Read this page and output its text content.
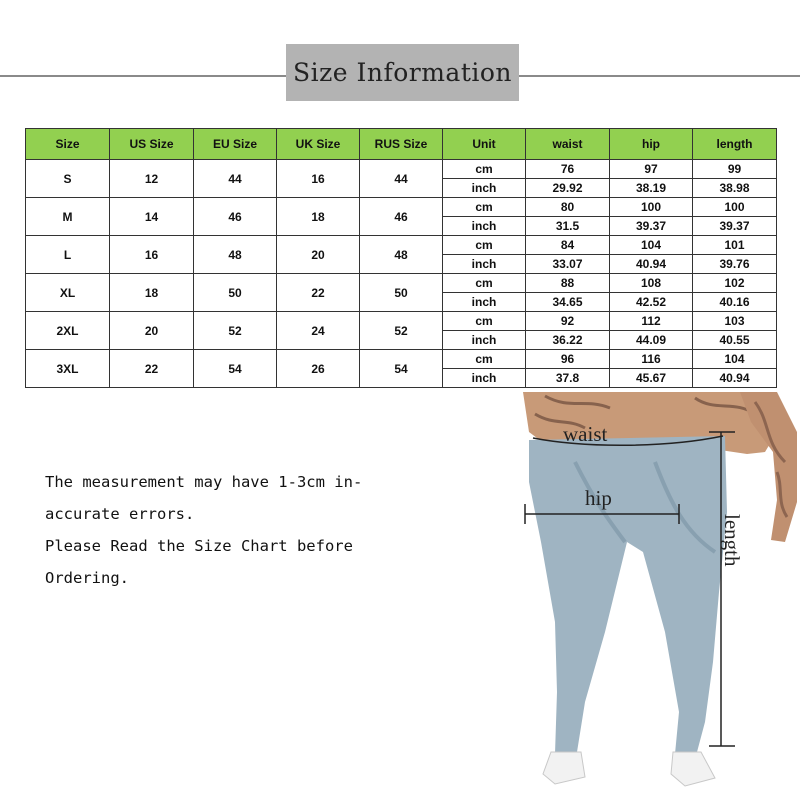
Size Information
Size	US Size	EU Size	UK Size	RUS Size	Unit	waist	hip	length
S	12	44	16	44	cm	76	97	99
					inch	29.92	38.19	38.98
M	14	46	18	46	cm	80	100	100
					inch	31.5	39.37	39.37
L	16	48	20	48	cm	84	104	101
					inch	33.07	40.94	39.76
XL	18	50	22	50	cm	88	108	102
					inch	34.65	42.52	40.16
2XL	20	52	24	52	cm	92	112	103
					inch	36.22	44.09	40.55
3XL	22	54	26	54	cm	96	116	104
					inch	37.8	45.67	40.94
The measurement may have 1-3cm in-
accurate errors.
Please Read the Size Chart before
Ordering.
waist
hip
length
